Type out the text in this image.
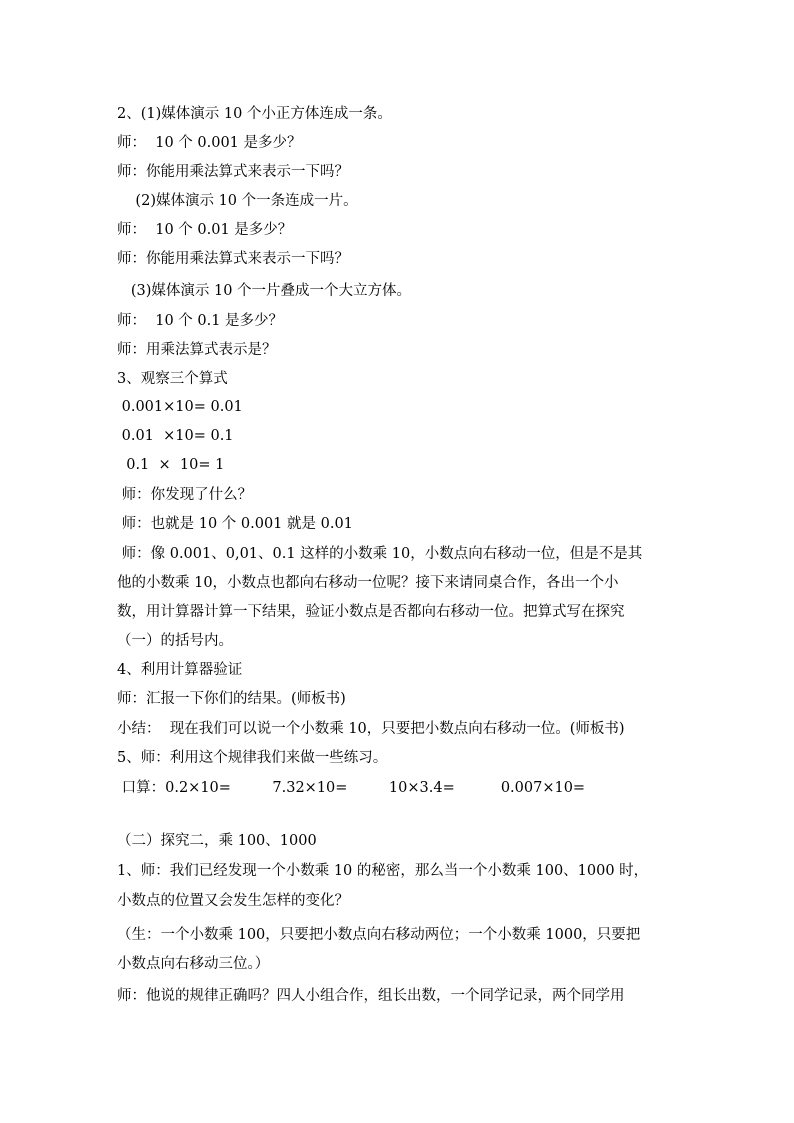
2、(1)媒体演示 10 个小正方体连成一条。
师：  10 个 0.001 是多少？
师：你能用乘法算式来表示一下吗？
(2)媒体演示 10 个一条连成一片。
师：  10 个 0.01 是多少？
师：你能用乘法算式来表示一下吗？
(3)媒体演示 10 个一片叠成一个大立方体。
师：  10 个 0.1 是多少？
师：用乘法算式表示是？
3、观察三个算式
0.001×10= 0.01
0.01  ×10= 0.1
0.1  ×  10= 1
师：你发现了什么？
师：也就是 10 个 0.001 就是 0.01
师：像 0.001、0,01、0.1 这样的小数乘 10，小数点向右移动一位，但是不是其
他的小数乘 10，小数点也都向右移动一位呢？接下来请同桌合作，各出一个小
数，用计算器计算一下结果，验证小数点是否都向右移动一位。把算式写在探究
（一）的括号内。
4、利用计算器验证
师：汇报一下你们的结果。(师板书)
小结：  现在我们可以说一个小数乘 10，只要把小数点向右移动一位。(师板书)
5、师：利用这个规律我们来做一些练习。
口算：0.2×10=         7.32×10=         10×3.4=          0.007×10=
（二）探究二，乘 100、1000
1、师：我们已经发现一个小数乘 10 的秘密，那么当一个小数乘 100、1000 时，
小数点的位置又会发生怎样的变化？
（生：一个小数乘 100，只要把小数点向右移动两位；一个小数乘 1000，只要把
小数点向右移动三位。）
师：他说的规律正确吗？四人小组合作，组长出数，一个同学记录，两个同学用
